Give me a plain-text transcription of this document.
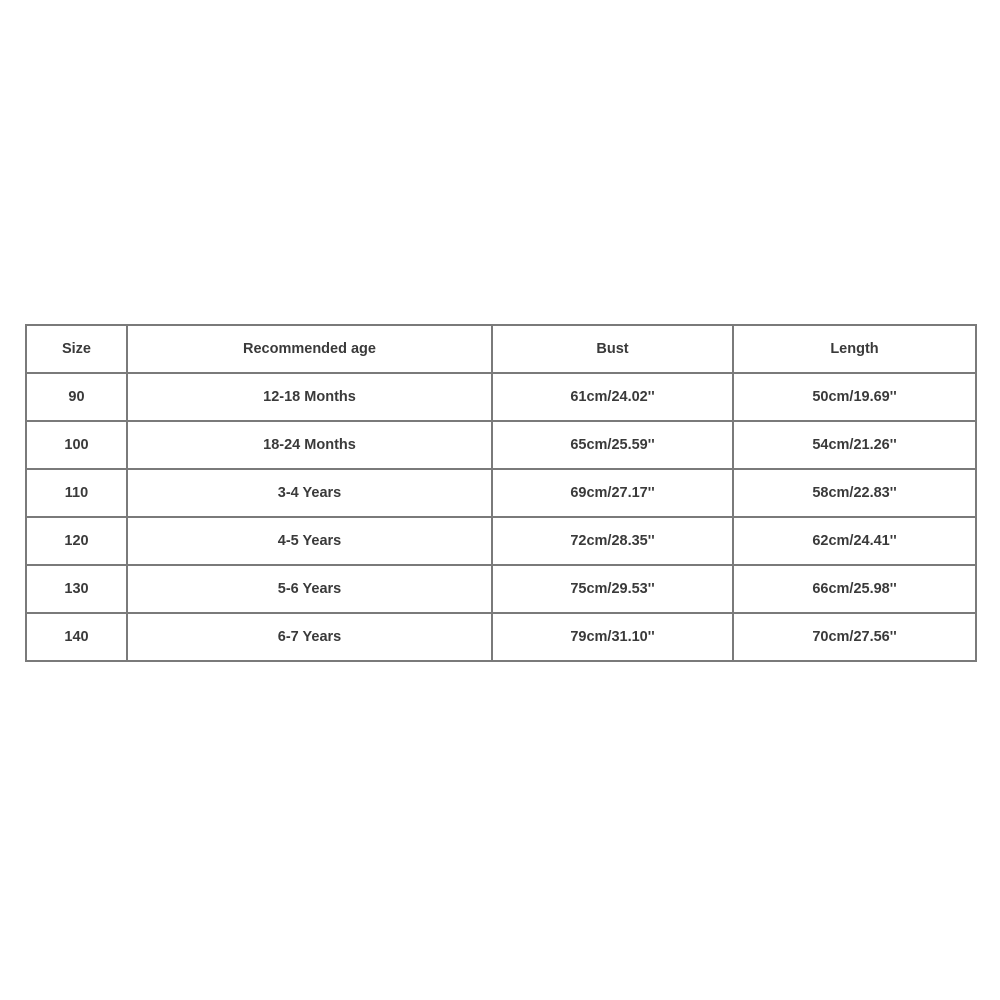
Size	Recommended age	Bust	Length
90	12-18 Months	61cm/24.02''	50cm/19.69''
100	18-24 Months	65cm/25.59''	54cm/21.26''
110	3-4 Years	69cm/27.17''	58cm/22.83''
120	4-5 Years	72cm/28.35''	62cm/24.41''
130	5-6 Years	75cm/29.53''	66cm/25.98''
140	6-7 Years	79cm/31.10''	70cm/27.56''
